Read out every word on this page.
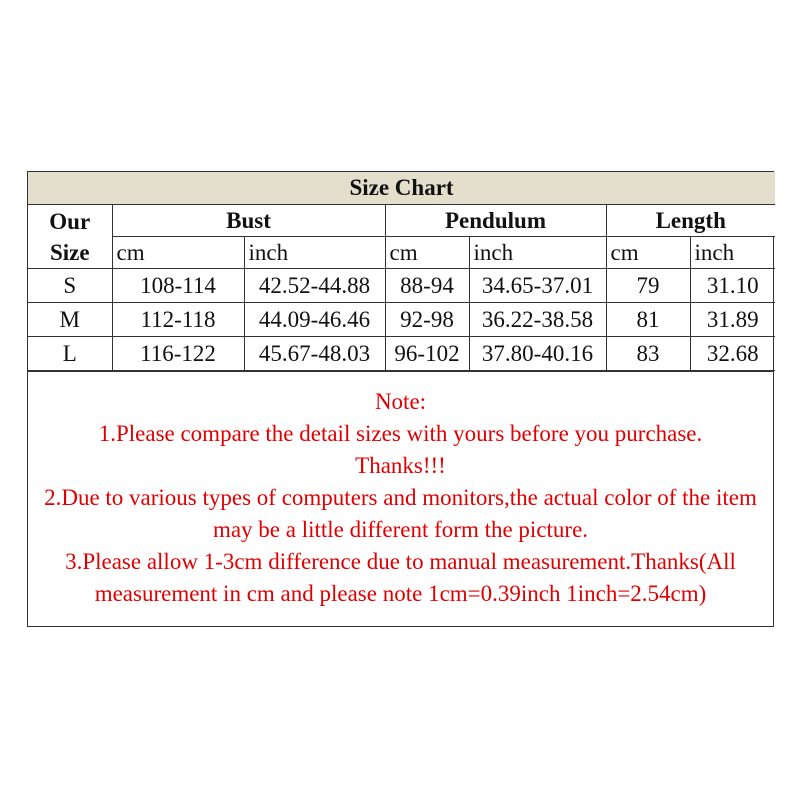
Size Chart						
Our Size	Bust		Pendulum		Length	
	cm	inch	cm	inch	cm	inch
S	108-114	42.52-44.88	88-94	34.65-37.01	79	31.10
M	112-118	44.09-46.46	92-98	36.22-38.58	81	31.89
L	116-122	45.67-48.03	96-102	37.80-40.16	83	32.68
Note:
1.Please compare the detail sizes with yours before you purchase. Thanks!!!
2.Due to various types of computers and monitors,the actual color of the item may be a little different form the picture.
3.Please allow 1-3cm difference due to manual measurement.Thanks(All measurement in cm and please note 1cm=0.39inch 1inch=2.54cm)
